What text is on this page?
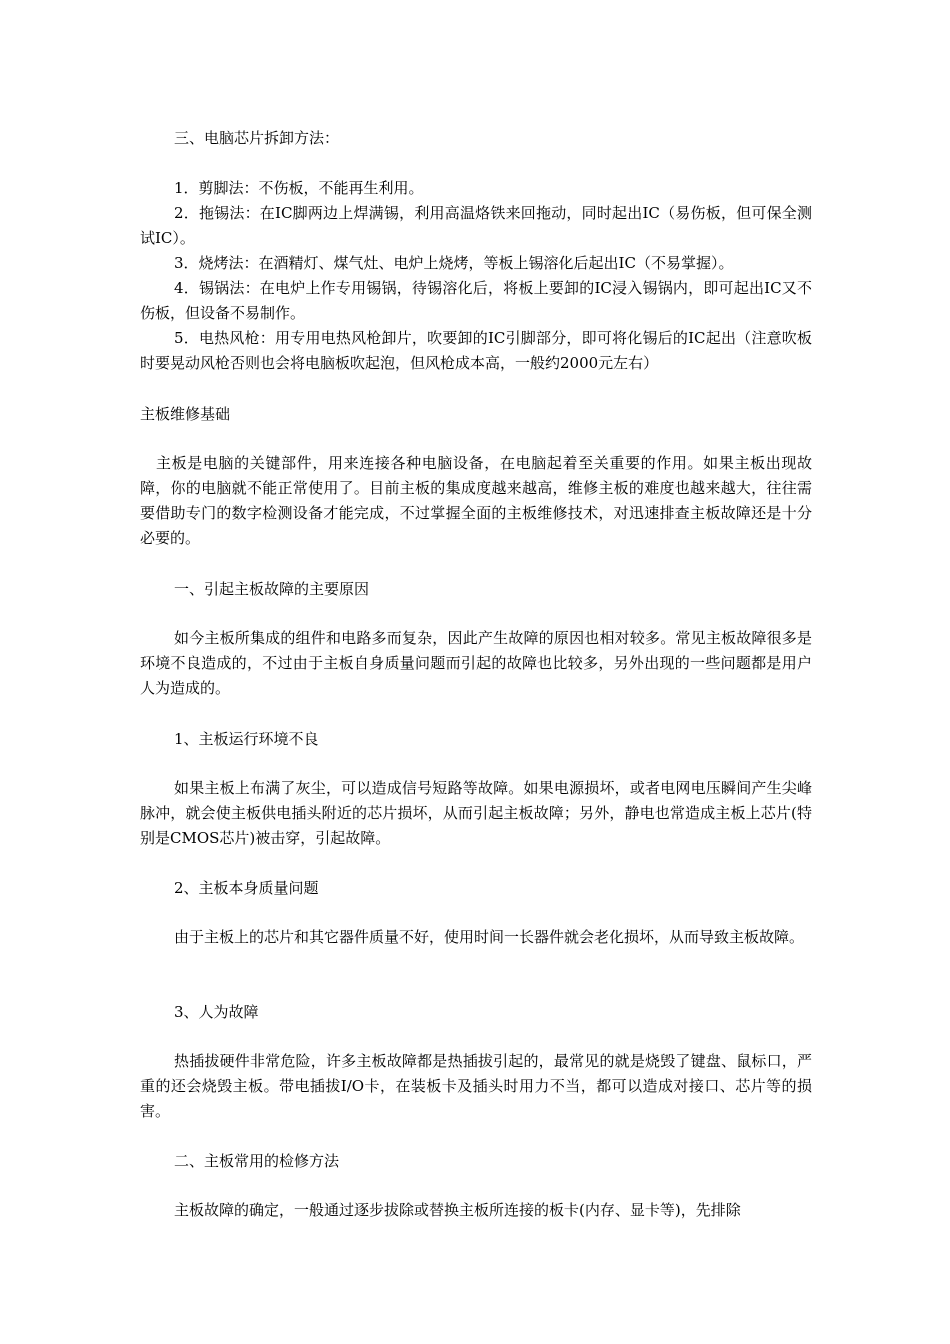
三、电脑芯片拆卸方法：

1．剪脚法：不伤板，不能再生利用。

2．拖锡法：在IC脚两边上焊满锡，利用高温烙铁来回拖动，同时起出IC（易伤板，但可保全测试IC）。

3．烧烤法：在酒精灯、煤气灶、电炉上烧烤，等板上锡溶化后起出IC（不易掌握）。

4．锡锅法：在电炉上作专用锡锅，待锡溶化后，将板上要卸的IC浸入锡锅内，即可起出IC又不伤板，但设备不易制作。

5．电热风枪：用专用电热风枪卸片，吹要卸的IC引脚部分，即可将化锡后的IC起出（注意吹板时要晃动风枪否则也会将电脑板吹起泡，但风枪成本高，一般约2000元左右）

主板维修基础

主板是电脑的关键部件，用来连接各种电脑设备，在电脑起着至关重要的作用。如果主板出现故障，你的电脑就不能正常使用了。目前主板的集成度越来越高，维修主板的难度也越来越大，往往需要借助专门的数字检测设备才能完成，不过掌握全面的主板维修技术，对迅速排查主板故障还是十分必要的。

一、引起主板故障的主要原因

如今主板所集成的组件和电路多而复杂，因此产生故障的原因也相对较多。常见主板故障很多是环境不良造成的，不过由于主板自身质量问题而引起的故障也比较多，另外出现的一些问题都是用户人为造成的。

1、主板运行环境不良

如果主板上布满了灰尘，可以造成信号短路等故障。如果电源损坏，或者电网电压瞬间产生尖峰脉冲，就会使主板供电插头附近的芯片损坏，从而引起主板故障；另外，静电也常造成主板上芯片(特别是CMOS芯片)被击穿，引起故障。

2、主板本身质量问题

由于主板上的芯片和其它器件质量不好，使用时间一长器件就会老化损坏，从而导致主板故障。

3、人为故障

热插拔硬件非常危险，许多主板故障都是热插拔引起的，最常见的就是烧毁了键盘、鼠标口，严重的还会烧毁主板。带电插拔I/O卡，在装板卡及插头时用力不当，都可以造成对接口、芯片等的损害。

二、主板常用的检修方法

主板故障的确定，一般通过逐步拔除或替换主板所连接的板卡(内存、显卡等)，先排除
